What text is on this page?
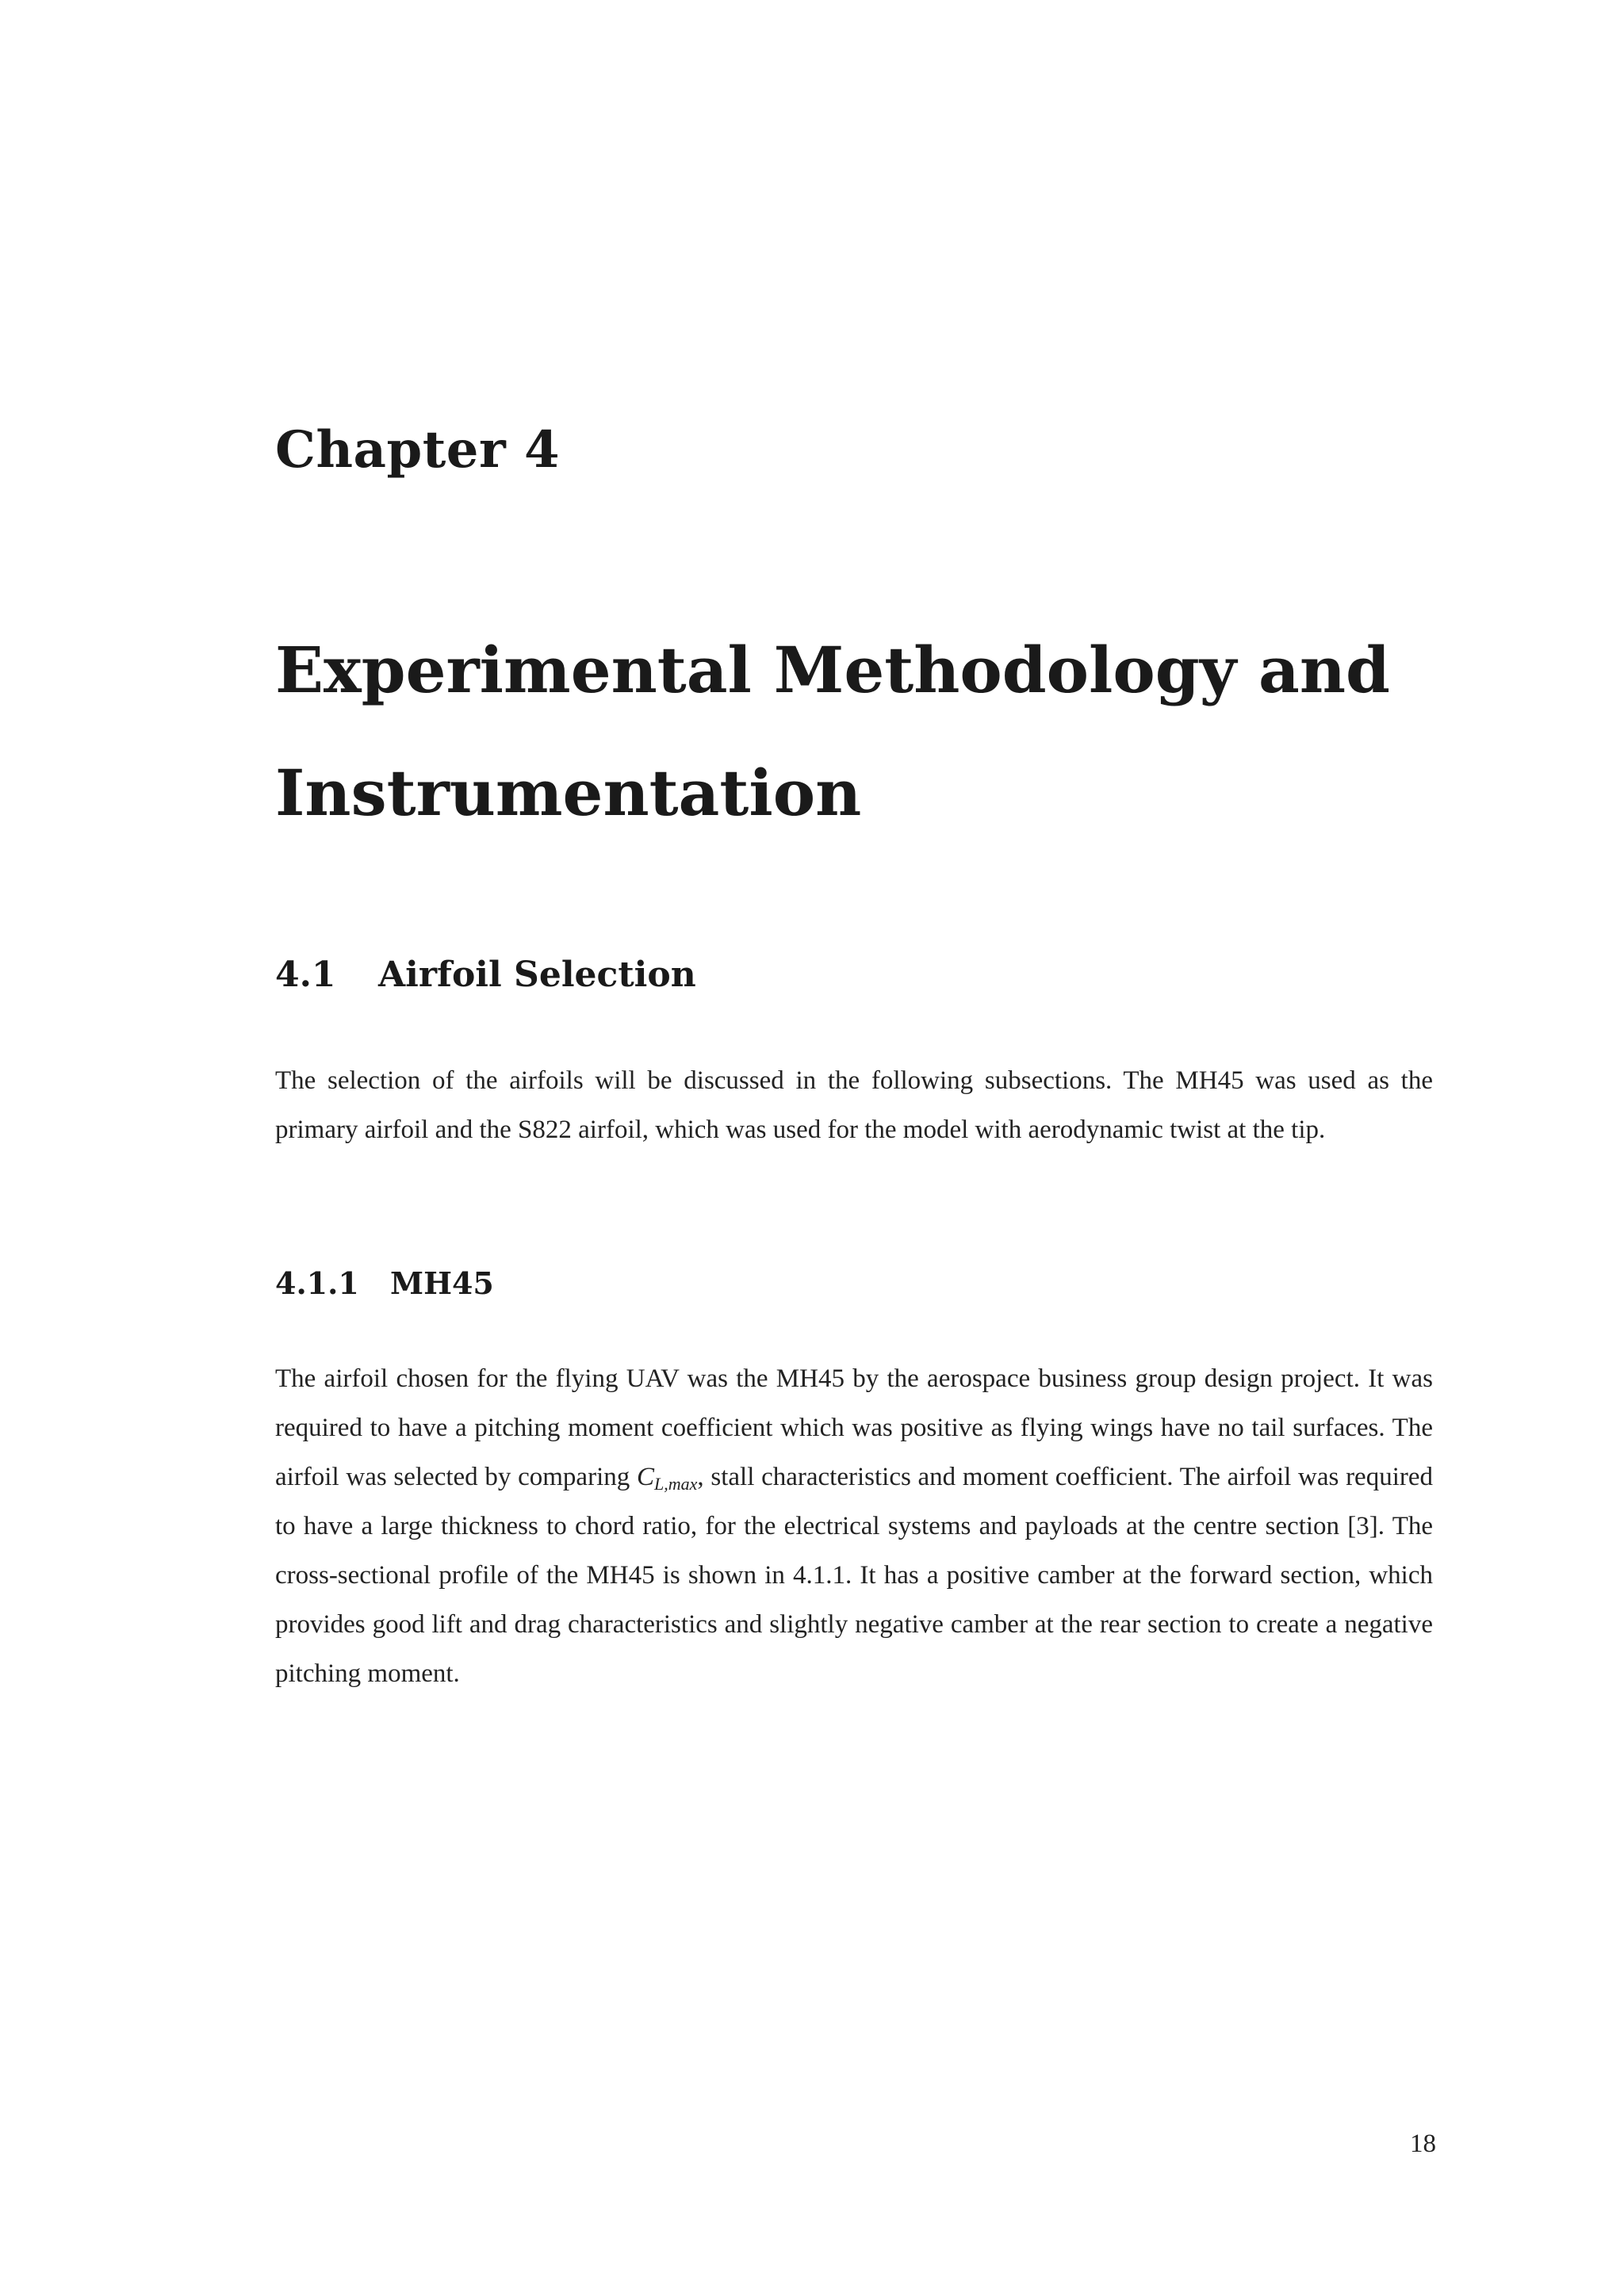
Chapter 4
Experimental Methodology and
Instrumentation
4.1 Airfoil Selection

The selection of the airfoils will be discussed in the following subsections. The MH45 was used as the primary airfoil and the S822 airfoil, which was used for the model with aerodynamic twist at the tip.

4.1.1 MH45

The airfoil chosen for the flying UAV was the MH45 by the aerospace business group design project. It was required to have a pitching moment coefficient which was positive as flying wings have no tail surfaces. The airfoil was selected by comparing $C_{L,max}$, stall characteristics and moment coefficient. The airfoil was required to have a large thickness to chord ratio, for the electrical systems and payloads at the centre section [3]. The cross-sectional profile of the MH45 is shown in 4.1.1. It has a positive camber at the forward section, which provides good lift and drag characteristics and slightly negative camber at the rear section to create a negative pitching moment.

18
